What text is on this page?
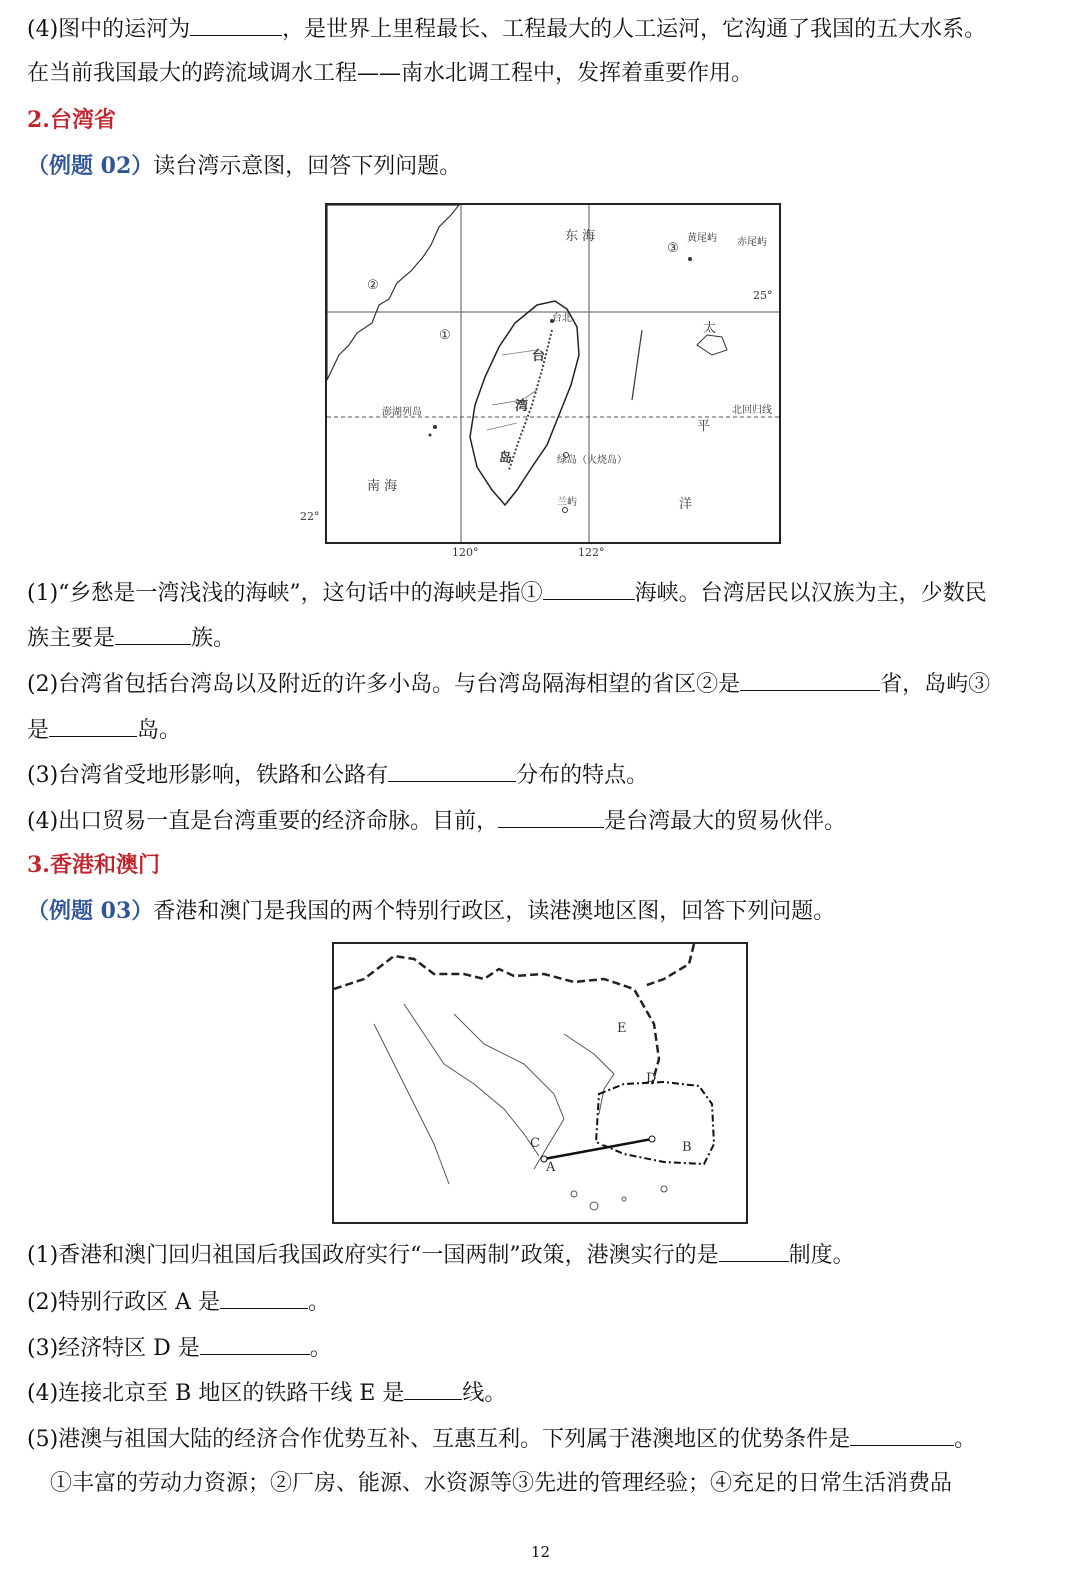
(4)图中的运河为	，是世界上里程最长、工程最大的人工运河，它沟通了我国的五大水系。
在当前我国最大的跨流域调水工程——南水北调工程中，发挥着重要作用。
2.台湾省
（例题 02）读台湾示意图，回答下列问题。
东 海
南 海
太
平
洋
台
湾
岛
台北
澎湖列岛
绿岛（火烧岛）
兰屿
黄尾屿 赤尾屿
北回归线
①
②
③
25°
22°
120°	122°
(1)“乡愁是一湾浅浅的海峡”，这句话中的海峡是指①	海峡。台湾居民以汉族为主，少数民
族主要是	族。
(2)台湾省包括台湾岛以及附近的许多小岛。与台湾岛隔海相望的省区②是	省，岛屿③
是	岛。
(3)台湾省受地形影响，铁路和公路有	分布的特点。
(4)出口贸易一直是台湾重要的经济命脉。目前，	是台湾最大的贸易伙伴。
3.香港和澳门
（例题 03）香港和澳门是我国的两个特别行政区，读港澳地区图，回答下列问题。
A
B
C
D
E
(1)香港和澳门回归祖国后我国政府实行“一国两制”政策，港澳实行的是	制度。
(2)特别行政区 A 是	。
(3)经济特区 D 是	。
(4)连接北京至 B 地区的铁路干线 E 是	线。
(5)港澳与祖国大陆的经济合作优势互补、互惠互利。下列属于港澳地区的优势条件是	。
①丰富的劳动力资源；②厂房、能源、水资源等③先进的管理经验；④充足的日常生活消费品
12
